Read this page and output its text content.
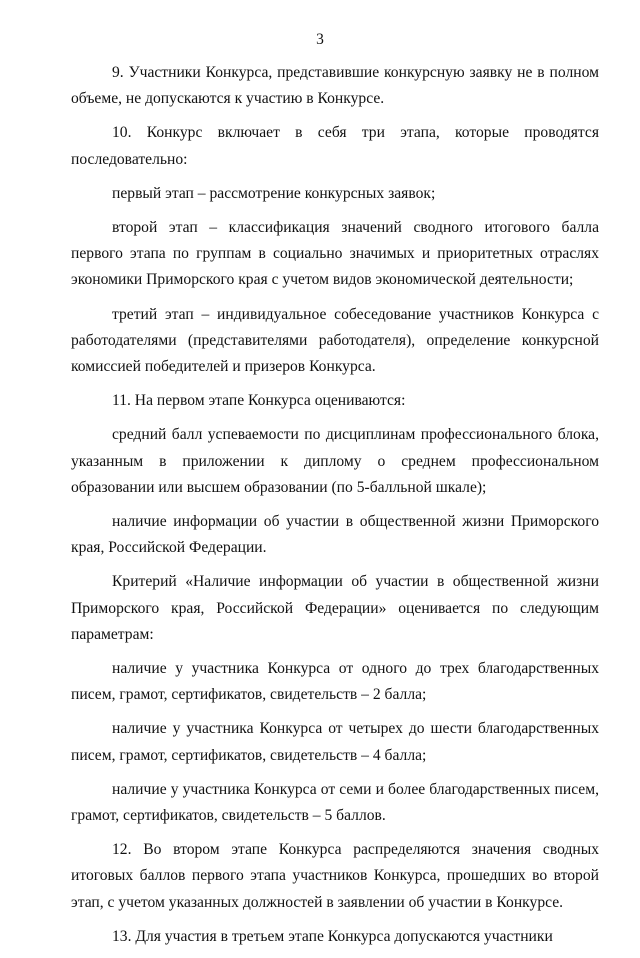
3

9. Участники Конкурса, представившие конкурсную заявку не в полном объеме, не допускаются к участию в Конкурсе.

10. Конкурс включает в себя три этапа, которые проводятся последовательно:

первый этап – рассмотрение конкурсных заявок;

второй этап – классификация значений сводного итогового балла первого этапа по группам в социально значимых и приоритетных отраслях экономики Приморского края с учетом видов экономической деятельности;

третий этап – индивидуальное собеседование участников Конкурса с работодателями (представителями работодателя), определение конкурсной комиссией победителей и призеров Конкурса.

11. На первом этапе Конкурса оцениваются:

средний балл успеваемости по дисциплинам профессионального блока, указанным в приложении к диплому о среднем профессиональном образовании или высшем образовании (по 5-балльной шкале);

наличие информации об участии в общественной жизни Приморского края, Российской Федерации.

Критерий «Наличие информации об участии в общественной жизни Приморского края, Российской Федерации» оценивается по следующим параметрам:

наличие у участника Конкурса от одного до трех благодарственных писем, грамот, сертификатов, свидетельств – 2 балла;

наличие у участника Конкурса от четырех до шести благодарственных писем, грамот, сертификатов, свидетельств – 4 балла;

наличие у участника Конкурса от семи и более благодарственных писем, грамот, сертификатов, свидетельств – 5 баллов.

12. Во втором этапе Конкурса распределяются значения сводных итоговых баллов первого этапа участников Конкурса, прошедших во второй этап, с учетом указанных должностей в заявлении об участии в Конкурсе.

13. Для участия в третьем этапе Конкурса допускаются участники
